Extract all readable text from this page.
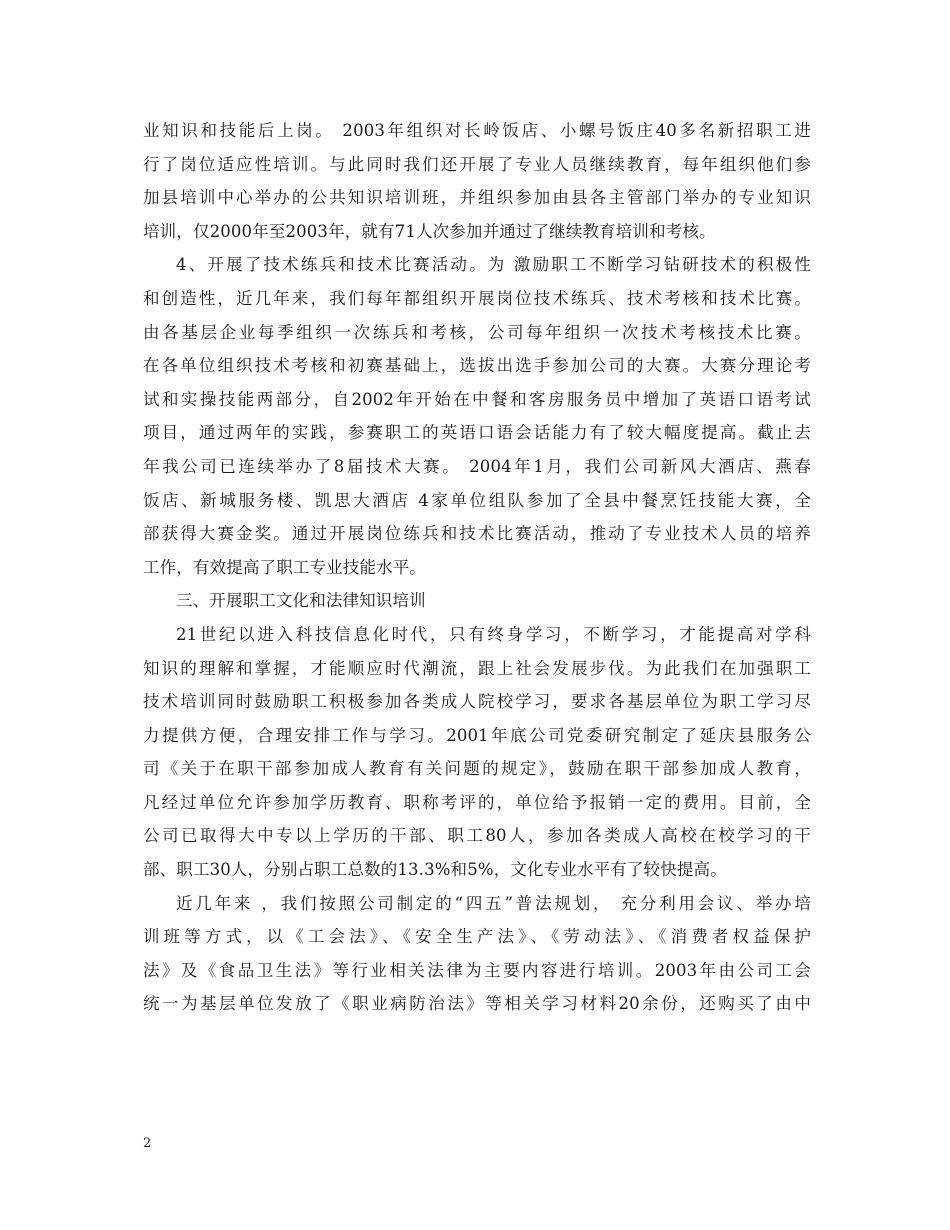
业知识和技能后上岗。 2003年组织对长岭饭店、小螺号饭庄40多名新招职工进
行了岗位适应性培训。与此同时我们还开展了专业人员继续教育，每年组织他们参
加县培训中心举办的公共知识培训班，并组织参加由县各主管部门举办的专业知识
培训，仅2000年至2003年，就有71人次参加并通过了继续教育培训和考核。
4、开展了技术练兵和技术比赛活动。为 激励职工不断学习钻研技术的积极性
和创造性，近几年来，我们每年都组织开展岗位技术练兵、技术考核和技术比赛。
由各基层企业每季组织一次练兵和考核，公司每年组织一次技术考核技术比赛。
在各单位组织技术考核和初赛基础上，选拔出选手参加公司的大赛。大赛分理论考
试和实操技能两部分，自2002年开始在中餐和客房服务员中增加了英语口语考试
项目，通过两年的实践，参赛职工的英语口语会话能力有了较大幅度提高。截止去
年我公司已连续举办了8届技术大赛。 2004年1月，我们公司新风大酒店、燕春
饭店、新城服务楼、凯思大酒店 4家单位组队参加了全县中餐烹饪技能大赛，全
部获得大赛金奖。通过开展岗位练兵和技术比赛活动，推动了专业技术人员的培养
工作，有效提高了职工专业技能水平。
三、开展职工文化和法律知识培训
21世纪以进入科技信息化时代，只有终身学习，不断学习，才能提高对学科
知识的理解和掌握，才能顺应时代潮流，跟上社会发展步伐。为此我们在加强职工
技术培训同时鼓励职工积极参加各类成人院校学习，要求各基层单位为职工学习尽
力提供方便，合理安排工作与学习。2001年底公司党委研究制定了延庆县服务公
司《关于在职干部参加成人教育有关问题的规定》，鼓励在职干部参加成人教育，
凡经过单位允许参加学历教育、职称考评的，单位给予报销一定的费用。目前，全
公司已取得大中专以上学历的干部、职工80人，参加各类成人高校在校学习的干
部、职工30人，分别占职工总数的13.3%和5%，文化专业水平有了较快提高。
近几年来 ，我们按照公司制定的“四五”普法规划， 充分利用会议、举办培
训班等方式，以《工会法》、《安全生产法》、《劳动法》、《消费者权益保护
法》及《食品卫生法》等行业相关法律为主要内容进行培训。2003年由公司工会
统一为基层单位发放了《职业病防治法》等相关学习材料20余份，还购买了由中
2
